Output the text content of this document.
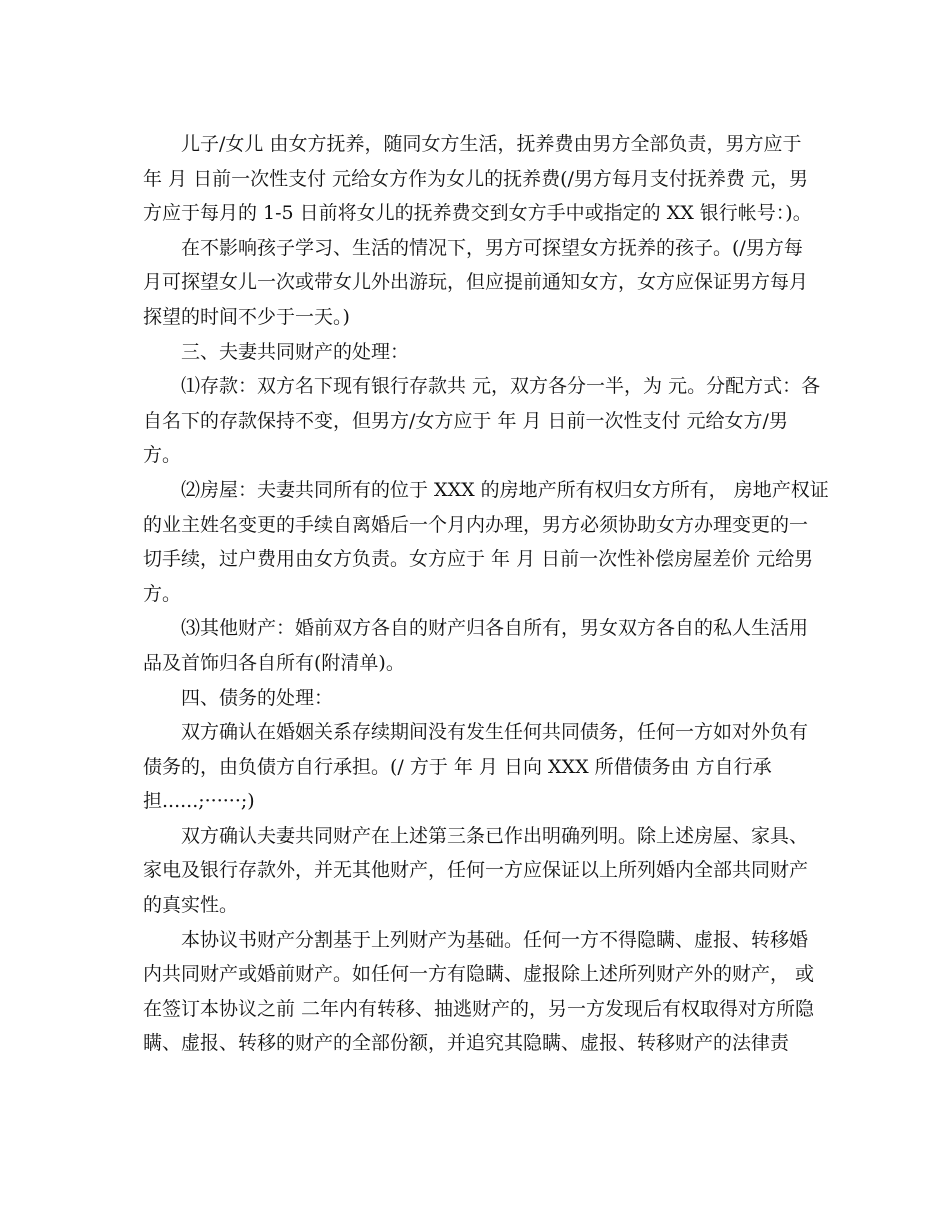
儿子/女儿 由女方抚养，随同女方生活，抚养费由男方全部负责，男方应于
年 月 日前一次性支付 元给女方作为女儿的抚养费(/男方每月支付抚养费 元，男
方应于每月的 1-5 日前将女儿的抚养费交到女方手中或指定的 XX 银行帐号：)。

在不影响孩子学习、生活的情况下，男方可探望女方抚养的孩子。(/男方每
月可探望女儿一次或带女儿外出游玩，但应提前通知女方，女方应保证男方每月
探望的时间不少于一天。)

三、夫妻共同财产的处理：

⑴存款：双方名下现有银行存款共 元，双方各分一半，为 元。分配方式：各
自名下的存款保持不变，但男方/女方应于 年 月 日前一次性支付 元给女方/男
方。

⑵房屋：夫妻共同所有的位于 XXX 的房地产所有权归女方所有， 房地产权证
的业主姓名变更的手续自离婚后一个月内办理，男方必须协助女方办理变更的一
切手续，过户费用由女方负责。女方应于 年 月 日前一次性补偿房屋差价 元给男
方。

⑶其他财产：婚前双方各自的财产归各自所有，男女双方各自的私人生活用
品及首饰归各自所有(附清单)。

四、债务的处理：

双方确认在婚姻关系存续期间没有发生任何共同债务，任何一方如对外负有
债务的，由负债方自行承担。(/ 方于 年 月 日向 XXX 所借债务由 方自行承
担......;······;)

双方确认夫妻共同财产在上述第三条已作出明确列明。除上述房屋、家具、
家电及银行存款外，并无其他财产，任何一方应保证以上所列婚内全部共同财产
的真实性。

本协议书财产分割基于上列财产为基础。任何一方不得隐瞒、虚报、转移婚
内共同财产或婚前财产。如任何一方有隐瞒、虚报除上述所列财产外的财产， 或
在签订本协议之前 二年内有转移、抽逃财产的，另一方发现后有权取得对方所隐
瞒、虚报、转移的财产的全部份额，并追究其隐瞒、虚报、转移财产的法律责
